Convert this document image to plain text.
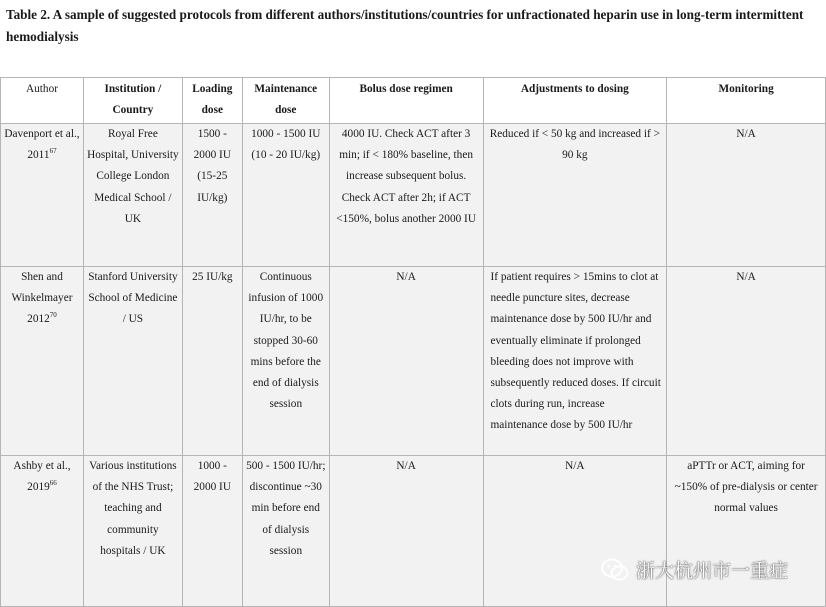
Table 2. A sample of suggested protocols from different authors/institutions/countries for unfractionated heparin use in long-term intermittent hemodialysis
Author	Institution / Country	Loading dose	Maintenance dose	Bolus dose regimen	Adjustments to dosing	Monitoring
Davenport et al., 2011$^{67}$	Royal Free Hospital, University College London Medical School / UK	1500 - 2000 IU (15-25 IU/kg)	1000 - 1500 IU (10 - 20 IU/kg)	4000 IU. Check ACT after 3 min; if < 180% baseline, then increase subsequent bolus. Check ACT after 2h; if ACT <150%, bolus another 2000 IU	Reduced if < 50 kg and increased if > 90 kg	N/A
Shen and Winkelmayer 2012$^{70}$	Stanford University School of Medicine / US	25 IU/kg	Continuous infusion of 1000 IU/hr, to be stopped 30-60 mins before the end of dialysis session	N/A	If patient requires > 15mins to clot at needle puncture sites, decrease maintenance dose by 500 IU/hr and eventually eliminate if prolonged bleeding does not improve with subsequently reduced doses. If circuit clots during run, increase maintenance dose by 500 IU/hr	N/A
Ashby et al., 2019$^{66}$	Various institutions of the NHS Trust; teaching and community hospitals / UK	1000 - 2000 IU	500 - 1500 IU/hr; discontinue ~30 min before end of dialysis session	N/A	N/A	aPTTr or ACT, aiming for ~150% of pre-dialysis or center normal values
浙大杭州市一重症
